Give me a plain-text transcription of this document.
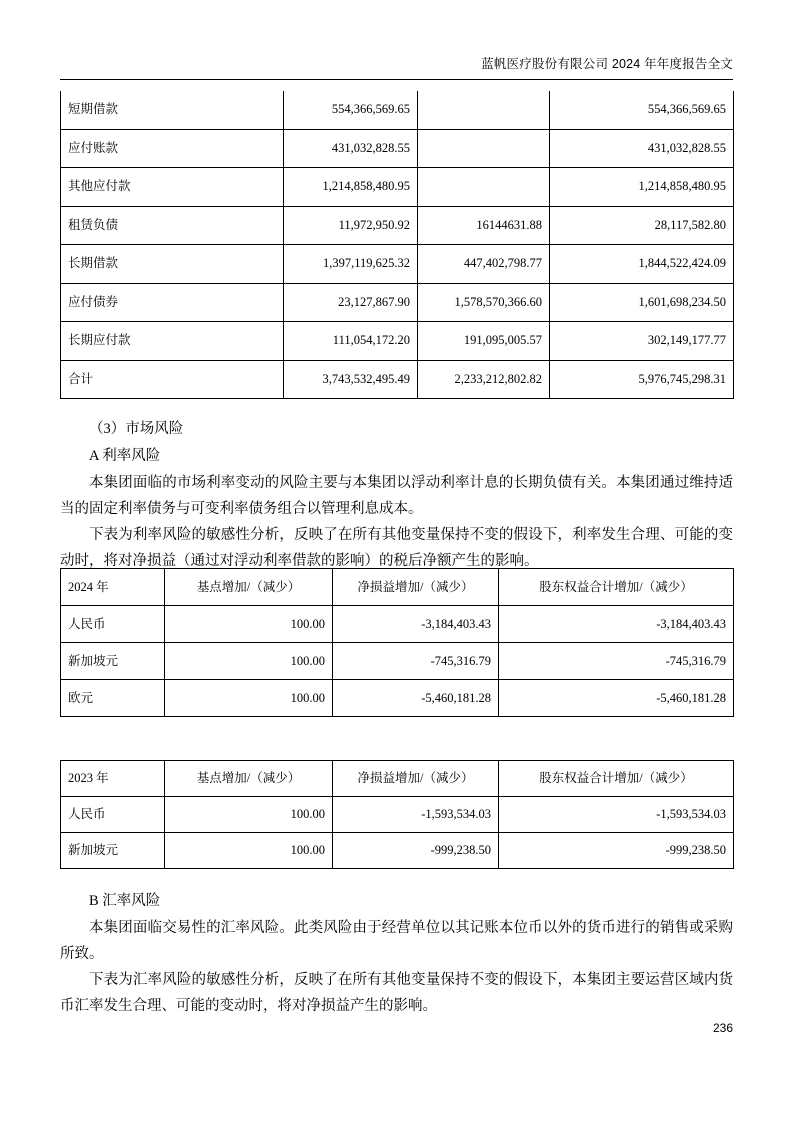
蓝帆医疗股份有限公司 2024 年年度报告全文
短期借款	554,366,569.65		554,366,569.65
应付账款	431,032,828.55		431,032,828.55
其他应付款	1,214,858,480.95		1,214,858,480.95
租赁负债	11,972,950.92	16144631.88	28,117,582.80
长期借款	1,397,119,625.32	447,402,798.77	1,844,522,424.09
应付债券	23,127,867.90	1,578,570,366.60	1,601,698,234.50
长期应付款	111,054,172.20	191,095,005.57	302,149,177.77
合计	3,743,532,495.49	2,233,212,802.82	5,976,745,298.31
（3）市场风险
A 利率风险
本集团面临的市场利率变动的风险主要与本集团以浮动利率计息的长期负债有关。本集团通过维持适当的固定利率债务与可变利率债务组合以管理利息成本。
下表为利率风险的敏感性分析，反映了在所有其他变量保持不变的假设下，利率发生合理、可能的变动时，将对净损益（通过对浮动利率借款的影响）的税后净额产生的影响。
2024 年	基点增加/（减少）	净损益增加/（减少）	股东权益合计增加/（减少）
人民币	100.00	-3,184,403.43	-3,184,403.43
新加坡元	100.00	-745,316.79	-745,316.79
欧元	100.00	-5,460,181.28	-5,460,181.28
2023 年	基点增加/（减少）	净损益增加/（减少）	股东权益合计增加/（减少）
人民币	100.00	-1,593,534.03	-1,593,534.03
新加坡元	100.00	-999,238.50	-999,238.50
B 汇率风险
本集团面临交易性的汇率风险。此类风险由于经营单位以其记账本位币以外的货币进行的销售或采购所致。
下表为汇率风险的敏感性分析，反映了在所有其他变量保持不变的假设下，本集团主要运营区域内货币汇率发生合理、可能的变动时，将对净损益产生的影响。
236
